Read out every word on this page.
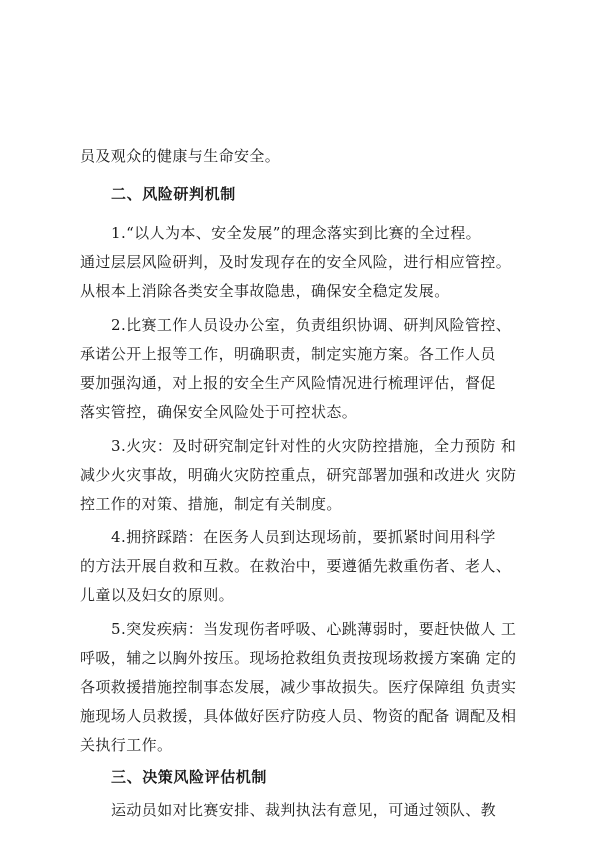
员及观众的健康与生命安全。
二、风险研判机制
1.“以人为本、安全发展”的理念落实到比赛的全过程。
通过层层风险研判，及时发现存在的安全风险，进行相应管控。
从根本上消除各类安全事故隐患，确保安全稳定发展。
2.比赛工作人员设办公室，负责组织协调、研判风险管控、
承诺公开上报等工作，明确职责，制定实施方案。各工作人员
要加强沟通，对上报的安全生产风险情况进行梳理评估，督促
落实管控，确保安全风险处于可控状态。
3.火灾：及时研究制定针对性的火灾防控措施，全力预防 和
减少火灾事故，明确火灾防控重点，研究部署加强和改进火 灾防
控工作的对策、措施，制定有关制度。
4.拥挤踩踏：在医务人员到达现场前，要抓紧时间用科学
的方法开展自救和互救。在救治中，要遵循先救重伤者、老人、
儿童以及妇女的原则。
5.突发疾病：当发现伤者呼吸、心跳薄弱时，要赶快做人 工
呼吸，辅之以胸外按压。现场抢救组负责按现场救援方案确 定的
各项救援措施控制事态发展，减少事故损失。医疗保障组 负责实
施现场人员救援，具体做好医疗防疫人员、物资的配备 调配及相
关执行工作。
三、决策风险评估机制
运动员如对比赛安排、裁判执法有意见，可通过领队、教
